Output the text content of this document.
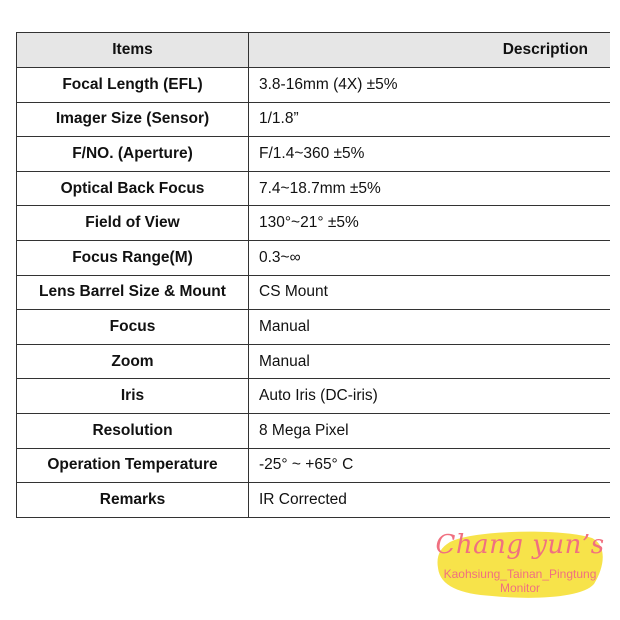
Items	Description
Focal Length (EFL)	3.8-16mm (4X) ±5%
Imager Size (Sensor)	1/1.8”
F/NO. (Aperture)	F/1.4~360 ±5%
Optical Back Focus	7.4~18.7mm ±5%
Field of View	130°~21° ±5%
Focus Range(M)	0.3~∞
Lens Barrel Size & Mount	CS Mount
Focus	Manual
Zoom	Manual
Iris	Auto Iris (DC-iris)
Resolution	8 Mega Pixel
Operation Temperature	-25° ~ +65° C
Remarks	IR Corrected
Chang yun’s
Kaohsiung_Tainan_Pingtung
Monitor
